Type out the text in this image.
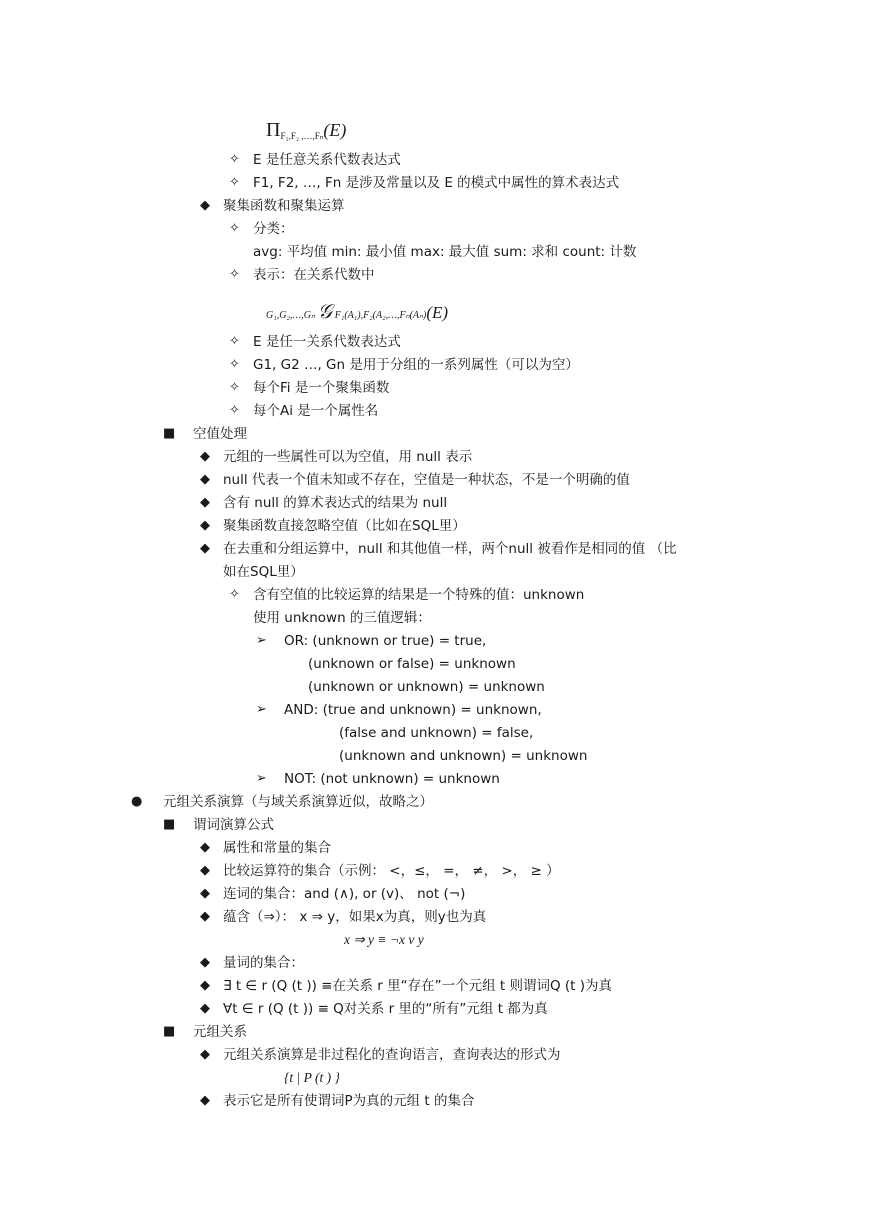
$\Pi_{F_1,F_2 ,\dots,F_n}(E)$
G₁,G₂,…,Gₙ 𝒢 F₁(A₁),F₂(A₂,…,Fₙ(Aₙ)(E)
✧ E 是任意关系代数表达式
✧ F1, F2, …, Fn 是涉及常量以及 E 的模式中属性的算术表达式
◆ 聚集函数和聚集运算
✧ 分类：
avg: 平均值 min: 最小值 max: 最大值 sum: 求和 count: 计数
✧ 表示：在关系代数中
✧ E 是任一关系代数表达式
✧ G1, G2 …, Gn 是用于分组的一系列属性（可以为空）
✧ 每个Fi 是一个聚集函数
✧ 每个Ai 是一个属性名
■ 空值处理
◆ 元组的一些属性可以为空值，用 null 表示
◆ null 代表一个值未知或不存在，空值是一种状态，不是一个明确的值
◆ 含有 null 的算术表达式的结果为 null
◆ 聚集函数直接忽略空值（比如在SQL里）
◆ 在去重和分组运算中，null 和其他值一样，两个null 被看作是相同的值 （比
如在SQL里）
✧ 含有空值的比较运算的结果是一个特殊的值：unknown
使用 unknown 的三值逻辑：
➢ OR: (unknown or true) = true,
(unknown or false) = unknown
(unknown or unknown) = unknown
➢ AND: (true and unknown) = unknown,
(false and unknown) = false,
(unknown and unknown) = unknown
➢ NOT: (not unknown) = unknown
● 元组关系演算（与域关系演算近似，故略之）
■ 谓词演算公式
◆ 属性和常量的集合
◆ 比较运算符的集合（示例： <，≤， =， ≠， >， ≥ ）
◆ 连词的集合：and (∧), or (v)、 not (¬)
◆ 蕴含（⇒）： x ⇒ y，如果x为真，则y也为真
x ⇒ y ≡ ¬x v y
◆ 量词的集合：
◆ ∃ t ∈ r (Q (t )) ≡在关系 r 里“存在”一个元组 t 则谓词Q (t )为真
◆ ∀t ∈ r (Q (t )) ≡ Q对关系 r 里的“所有”元组 t 都为真
■ 元组关系
◆ 元组关系演算是非过程化的查询语言，查询表达的形式为
{t | P (t ) }
◆ 表示它是所有使谓词P为真的元组 t 的集合
